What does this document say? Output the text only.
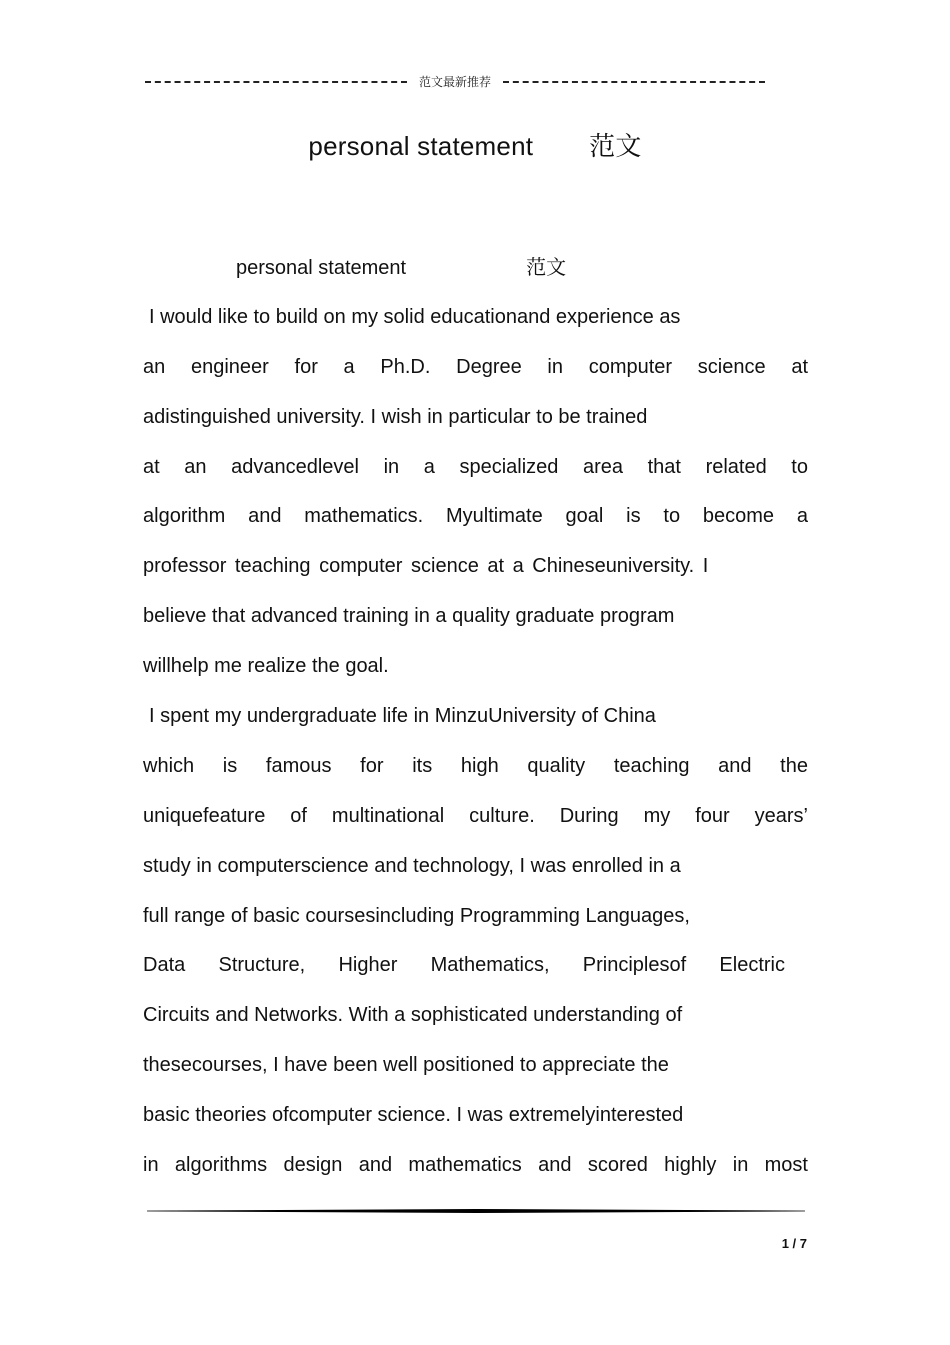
范文最新推荐
personal statement 范文
personal statement	范文
I would like to build on my solid educationand experience as
an engineer for a Ph.D. Degree in computer science at
adistinguished university. I wish in particular to be trained
at an advancedlevel in a specialized area that related to
algorithm and mathematics. Myultimate goal is to become a
professor teaching computer science at a Chineseuniversity. I
believe that advanced training in a quality graduate program
willhelp me realize the goal.
I spent my undergraduate life in MinzuUniversity of China
which is famous for its high quality teaching and the
uniquefeature of multinational culture. During my four years’
study in computerscience and technology, I was enrolled in a
full range of basic coursesincluding Programming Languages,
Data Structure, Higher Mathematics, Principlesof Electric
Circuits and Networks. With a sophisticated understanding of
thesecourses, I have been well positioned to appreciate the
basic theories ofcomputer science. I was extremelyinterested
in algorithms design and mathematics and scored highly in most
1 / 7
